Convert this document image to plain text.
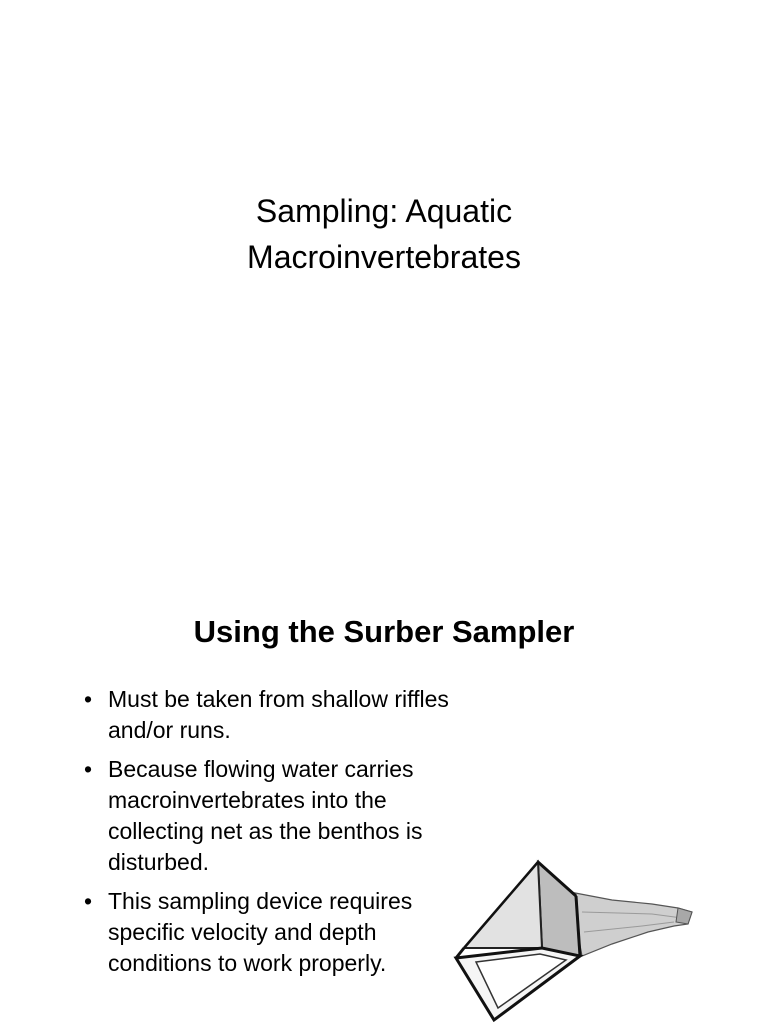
Sampling: Aquatic
Macroinvertebrates
Using the Surber Sampler
• Must be taken from shallow riffles and/or runs.
• Because flowing water carries macroinvertebrates into the collecting net as the benthos is disturbed.
• This sampling device requires specific velocity and depth conditions to work properly.
